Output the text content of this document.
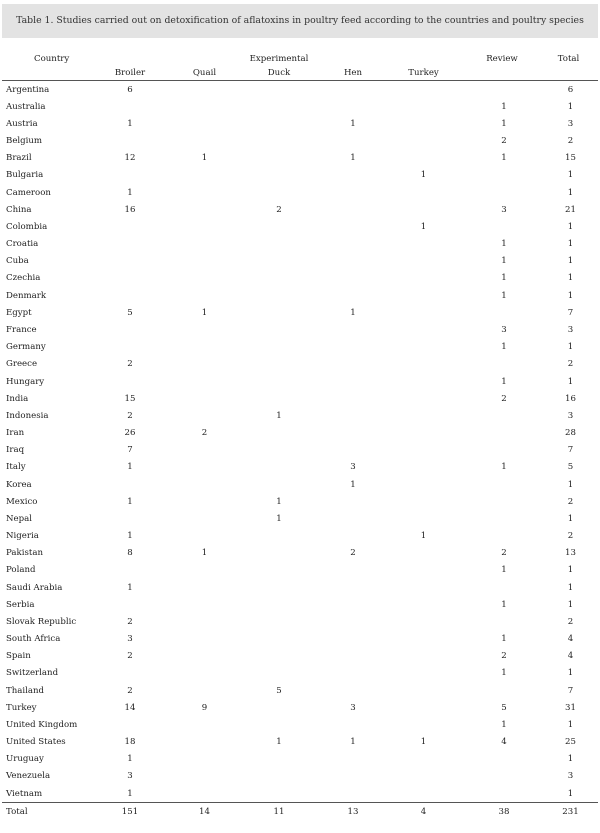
Table 1. Studies carried out on detoxification of aflatoxins in poultry feed according to the countries and poultry species
Country			Experimental			Review	Total
	Broiler	Quail	Duck	Hen	Turkey		
Argentina	6						6
Australia						1	1
Austria	1			1		1	3
Belgium						2	2
Brazil	12	1		1		1	15
Bulgaria					1		1
Cameroon	1						1
China	16		2			3	21
Colombia					1		1
Croatia						1	1
Cuba						1	1
Czechia						1	1
Denmark						1	1
Egypt	5	1		1			7
France						3	3
Germany						1	1
Greece	2						2
Hungary						1	1
India	15					2	16
Indonesia	2		1				3
Iran	26	2					28
Iraq	7						7
Italy	1			3		1	5
Korea				1			1
Mexico	1		1				2
Nepal			1				1
Nigeria	1				1		2
Pakistan	8	1		2		2	13
Poland						1	1
Saudi Arabia	1						1
Serbia						1	1
Slovak Republic	2						2
South Africa	3					1	4
Spain	2					2	4
Switzerland						1	1
Thailand	2		5				7
Turkey	14	9		3		5	31
United Kingdom						1	1
United States	18		1	1	1	4	25
Uruguay	1						1
Venezuela	3						3
Vietnam	1						1
Total	151	14	11	13	4	38	231
